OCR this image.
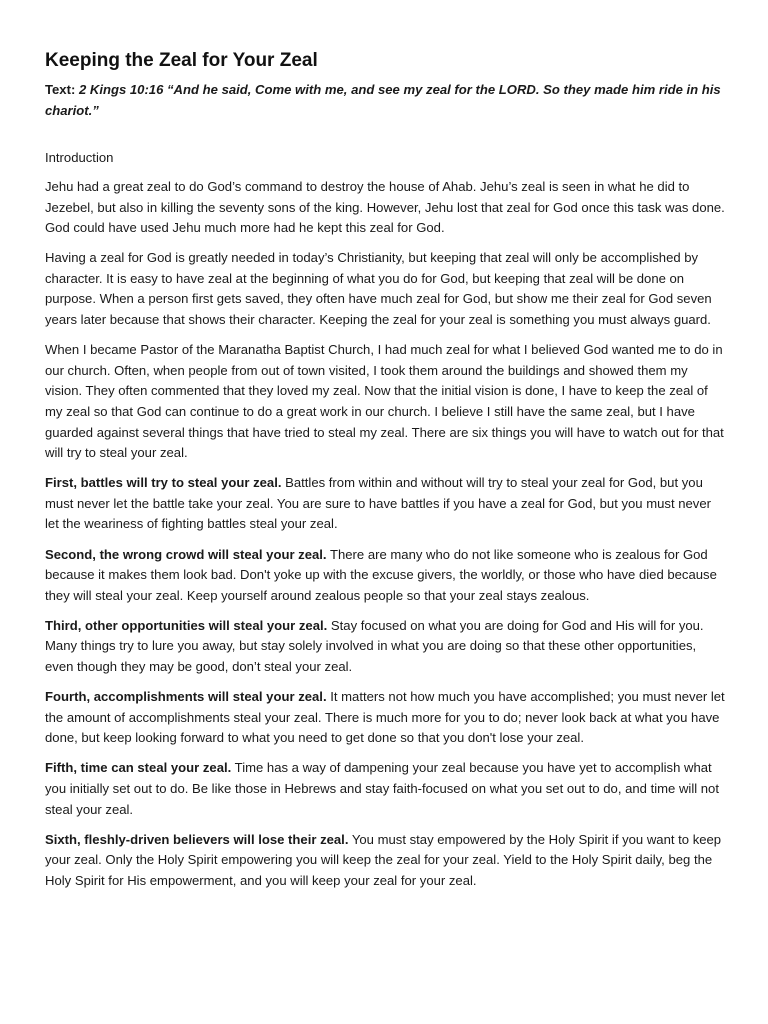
Keeping the Zeal for Your Zeal

Text: 2 Kings 10:16 “And he said, Come with me, and see my zeal for the LORD. So they made him ride in his chariot.”

Introduction

Jehu had a great zeal to do God’s command to destroy the house of Ahab. Jehu’s zeal is seen in what he did to Jezebel, but also in killing the seventy sons of the king. However, Jehu lost that zeal for God once this task was done. God could have used Jehu much more had he kept this zeal for God.

Having a zeal for God is greatly needed in today’s Christianity, but keeping that zeal will only be accomplished by character. It is easy to have zeal at the beginning of what you do for God, but keeping that zeal will be done on purpose. When a person first gets saved, they often have much zeal for God, but show me their zeal for God seven years later because that shows their character. Keeping the zeal for your zeal is something you must always guard.

When I became Pastor of the Maranatha Baptist Church, I had much zeal for what I believed God wanted me to do in our church. Often, when people from out of town visited, I took them around the buildings and showed them my vision. They often commented that they loved my zeal. Now that the initial vision is done, I have to keep the zeal of my zeal so that God can continue to do a great work in our church. I believe I still have the same zeal, but I have guarded against several things that have tried to steal my zeal. There are six things you will have to watch out for that will try to steal your zeal.

First, battles will try to steal your zeal. Battles from within and without will try to steal your zeal for God, but you must never let the battle take your zeal. You are sure to have battles if you have a zeal for God, but you must never let the weariness of fighting battles steal your zeal.

Second, the wrong crowd will steal your zeal. There are many who do not like someone who is zealous for God because it makes them look bad. Don't yoke up with the excuse givers, the worldly, or those who have died because they will steal your zeal. Keep yourself around zealous people so that your zeal stays zealous.

Third, other opportunities will steal your zeal. Stay focused on what you are doing for God and His will for you. Many things try to lure you away, but stay solely involved in what you are doing so that these other opportunities, even though they may be good, don’t steal your zeal.

Fourth, accomplishments will steal your zeal. It matters not how much you have accomplished; you must never let the amount of accomplishments steal your zeal. There is much more for you to do; never look back at what you have done, but keep looking forward to what you need to get done so that you don't lose your zeal.

Fifth, time can steal your zeal. Time has a way of dampening your zeal because you have yet to accomplish what you initially set out to do. Be like those in Hebrews and stay faith-focused on what you set out to do, and time will not steal your zeal.

Sixth, fleshly-driven believers will lose their zeal. You must stay empowered by the Holy Spirit if you want to keep your zeal. Only the Holy Spirit empowering you will keep the zeal for your zeal. Yield to the Holy Spirit daily, beg the Holy Spirit for His empowerment, and you will keep your zeal for your zeal.
